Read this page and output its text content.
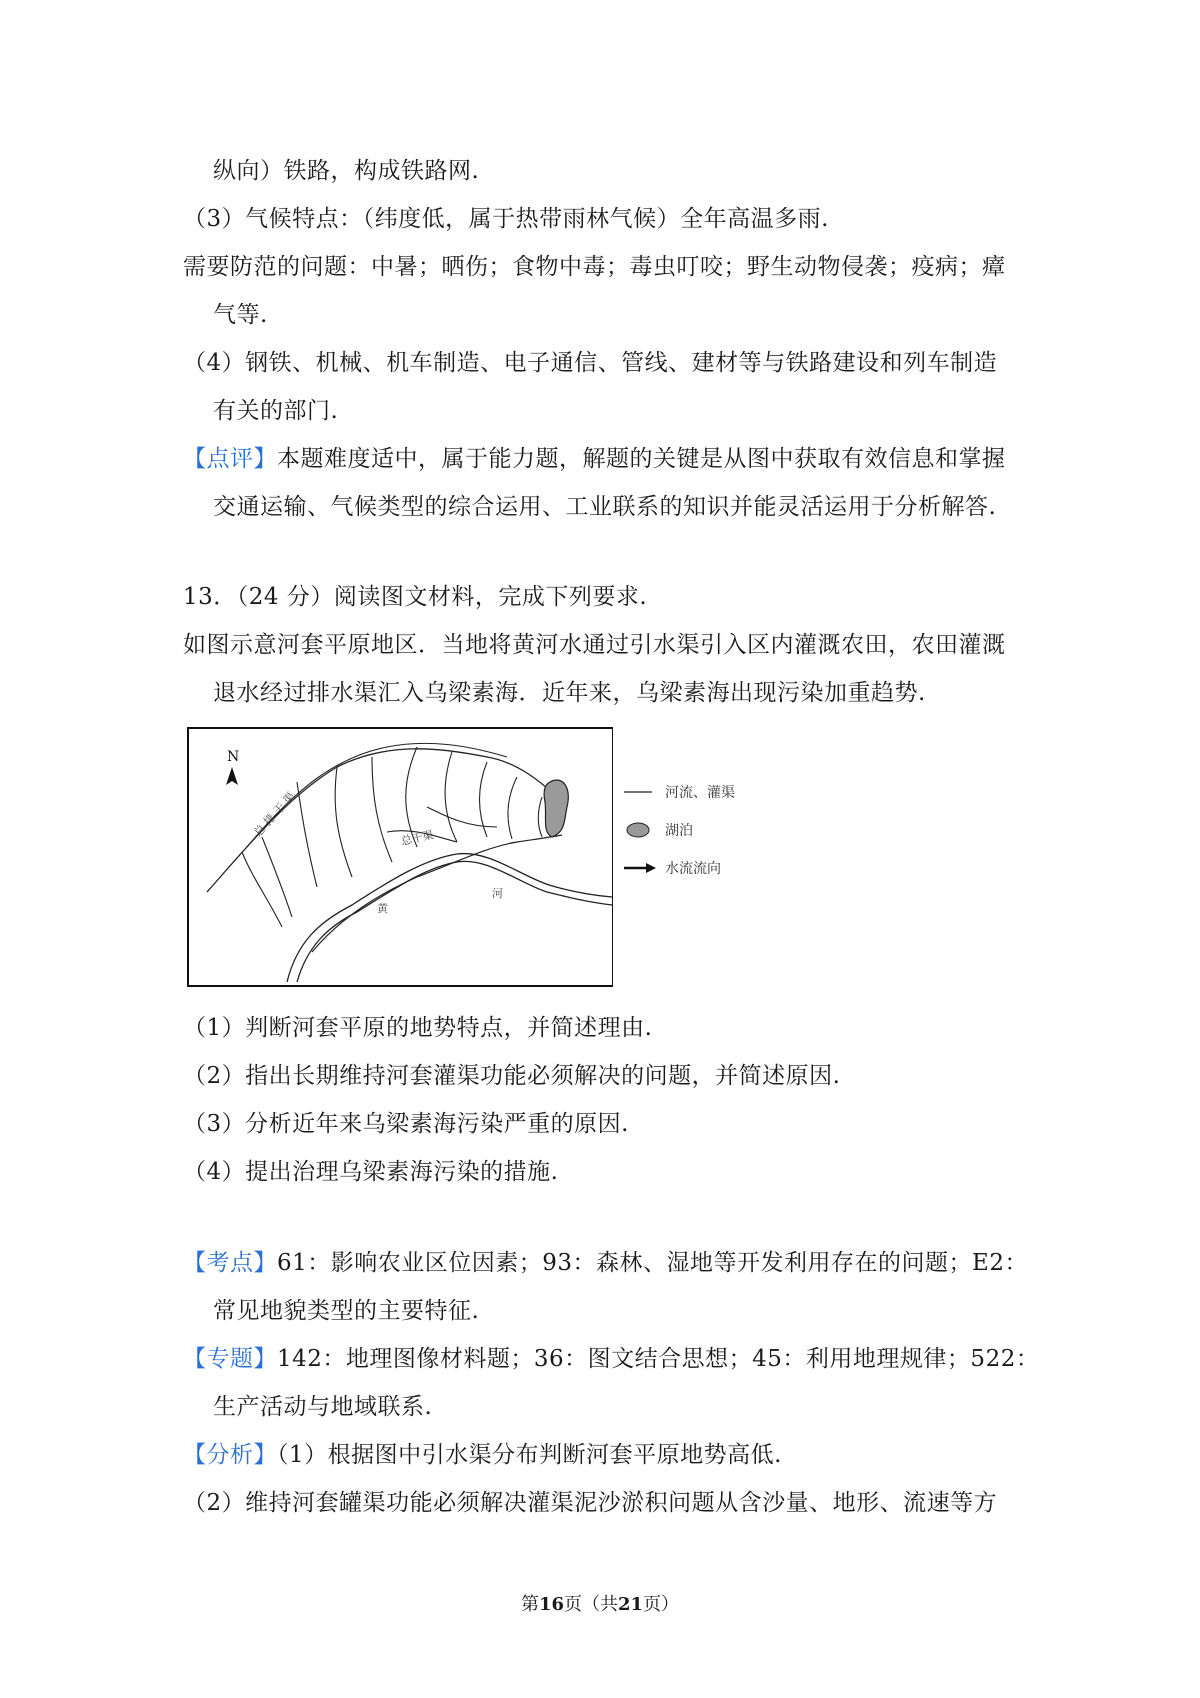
纵向）铁路，构成铁路网.
（3）气候特点：（纬度低，属于热带雨林气候）全年高温多雨.
需要防范的问题：中暑；晒伤；食物中毒；毒虫叮咬；野生动物侵袭；疫病；瘴
气等.
（4）钢铁、机械、机车制造、电子通信、管线、建材等与铁路建设和列车制造
有关的部门.
【点评】本题难度适中，属于能力题，解题的关键是从图中获取有效信息和掌握
交通运输、气候类型的综合运用、工业联系的知识并能灵活运用于分析解答.
13．（24 分）阅读图文材料，完成下列要求.
如图示意河套平原地区．当地将黄河水通过引水渠引入区内灌溉农田，农田灌溉
退水经过排水渠汇入乌梁素海．近年来，乌梁素海出现污染加重趋势.
（1）判断河套平原的地势特点，并简述理由.
（2）指出长期维持河套灌渠功能必须解决的问题，并简述原因.
（3）分析近年来乌梁素海污染严重的原因.
（4）提出治理乌梁素海污染的措施.
【考点】61：影响农业区位因素；93：森林、湿地等开发利用存在的问题；E2：
常见地貌类型的主要特征.
【专题】142：地理图像材料题；36：图文结合思想；45：利用地理规律；522：
生产活动与地域联系.
【分析】（1）根据图中引水渠分布判断河套平原地势高低.
（2）维持河套罐渠功能必须解决灌渠泥沙淤积问题从含沙量、地形、流速等方
N
总 排 干 渠	总干渠
黄
河
河流、灌渠
湖泊
水流流向
第16页（共21页）
